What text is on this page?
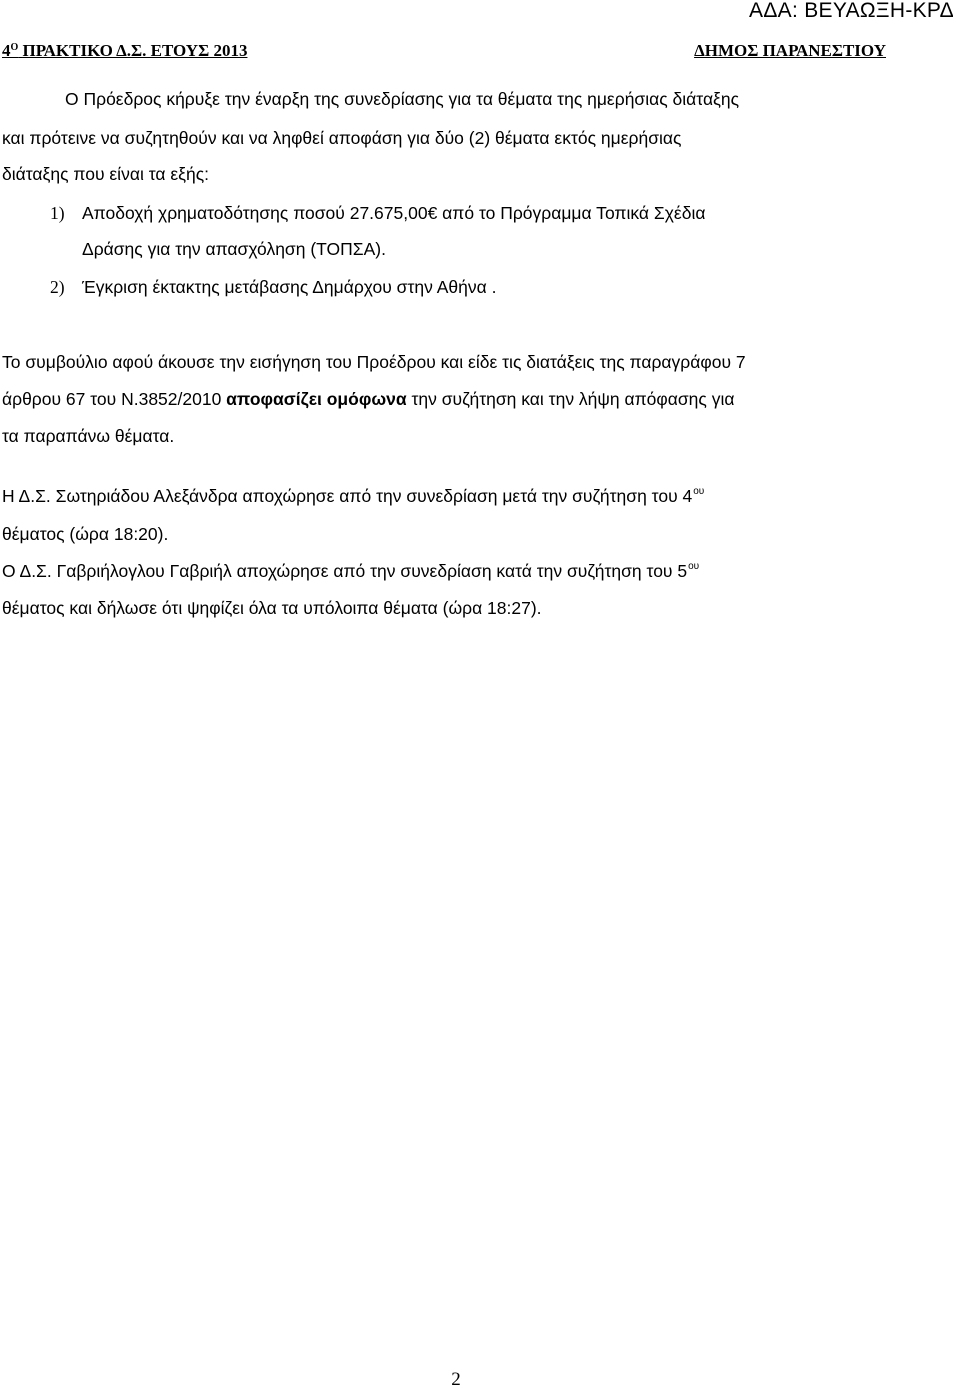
ΑΔΑ: ΒΕΥΑΩΞΗ-ΚΡΔ
$4^O$ ΠΡΑΚΤΙΚΟ Δ.Σ. ΕΤΟΥΣ 2013	ΔΗΜΟΣ ΠΑΡΑΝΕΣΤΙΟΥ
Ο Πρόεδρος κήρυξε την έναρξη της συνεδρίασης για τα θέματα της ημερήσιας διάταξης
και πρότεινε να συζητηθούν και να ληφθεί αποφάση για δύο (2) θέματα εκτός ημερήσιας
διάταξης που είναι τα εξής:
1) Αποδοχή χρηματοδότησης ποσού 27.675,00€ από το Πρόγραμμα Τοπικά Σχέδια
Δράσης για την απασχόληση (ΤΟΠΣΑ).
2) Έγκριση έκτακτης μετάβασης Δημάρχου στην Αθήνα .
Το συμβούλιο αφού άκουσε την εισήγηση του Προέδρου και είδε τις διατάξεις της παραγράφου 7
άρθρου 67 του Ν.3852/2010 αποφασίζει ομόφωνα την συζήτηση και την λήψη απόφασης για
τα παραπάνω θέματα.
Η Δ.Σ. Σωτηριάδου Αλεξάνδρα αποχώρησε από την συνεδρίαση μετά την συζήτηση του $4^{o\upsilon}$
θέματος (ώρα 18:20).
Ο Δ.Σ. Γαβριήλογλου Γαβριήλ αποχώρησε από την συνεδρίαση κατά την συζήτηση του $5^{o\upsilon}$
θέματος και δήλωσε ότι ψηφίζει όλα τα υπόλοιπα θέματα (ώρα 18:27).
2
